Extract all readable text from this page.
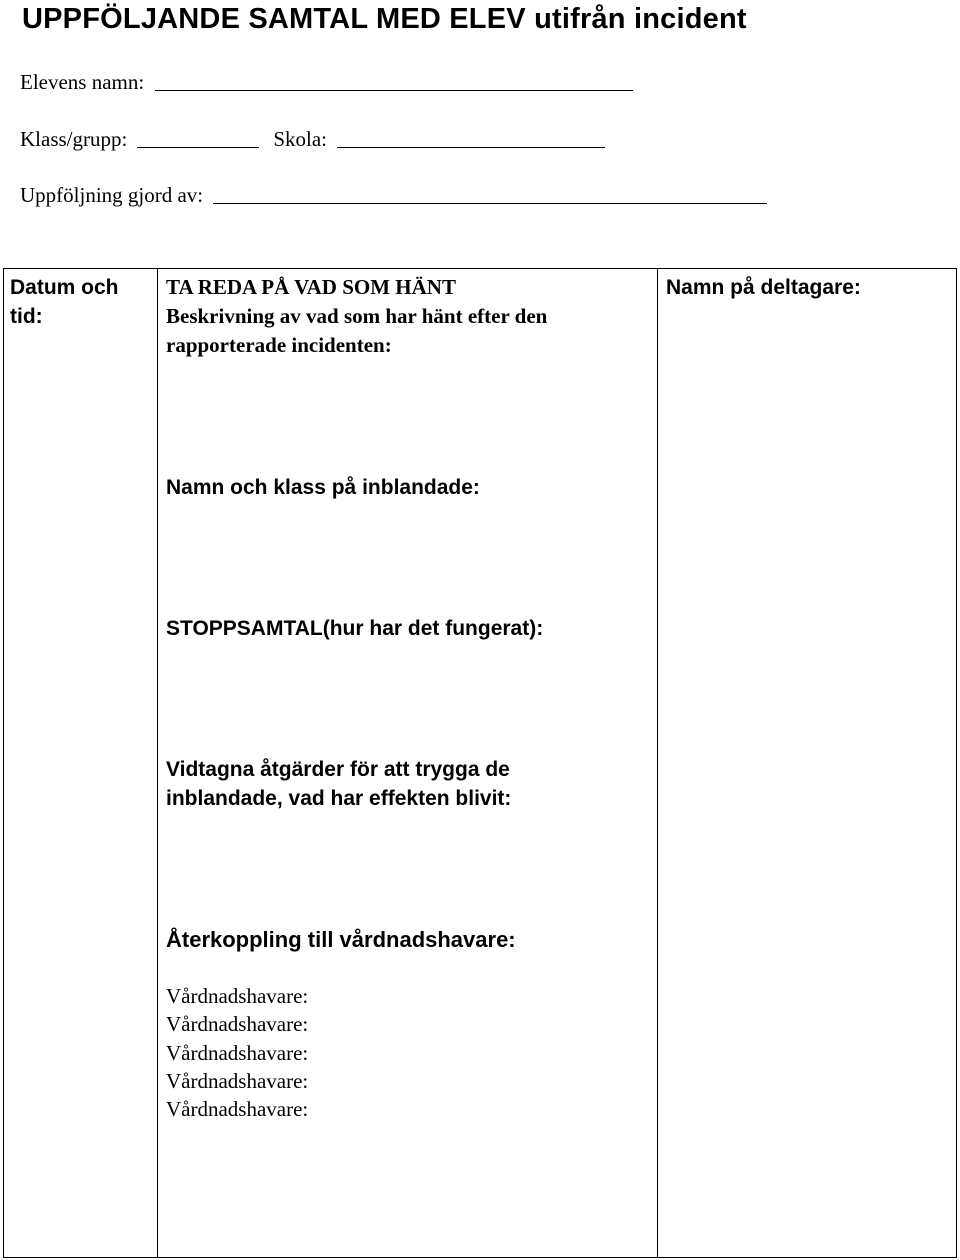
UPPFÖLJANDE SAMTAL MED ELEV utifrån incident
Elevens namn:
Klass/grupp:	Skola:
Uppföljning gjord av:
Datum och
tid:
TA REDA PÅ VAD SOM HÄNT
Beskrivning av vad som har hänt efter den
rapporterade incidenten:
Namn på deltagare:
Namn och klass på inblandade:
STOPPSAMTAL(hur har det fungerat):
Vidtagna åtgärder för att trygga de
inblandade, vad har effekten blivit:
Återkoppling till vårdnadshavare:
Vårdnadshavare:
Vårdnadshavare:
Vårdnadshavare:
Vårdnadshavare:
Vårdnadshavare:
